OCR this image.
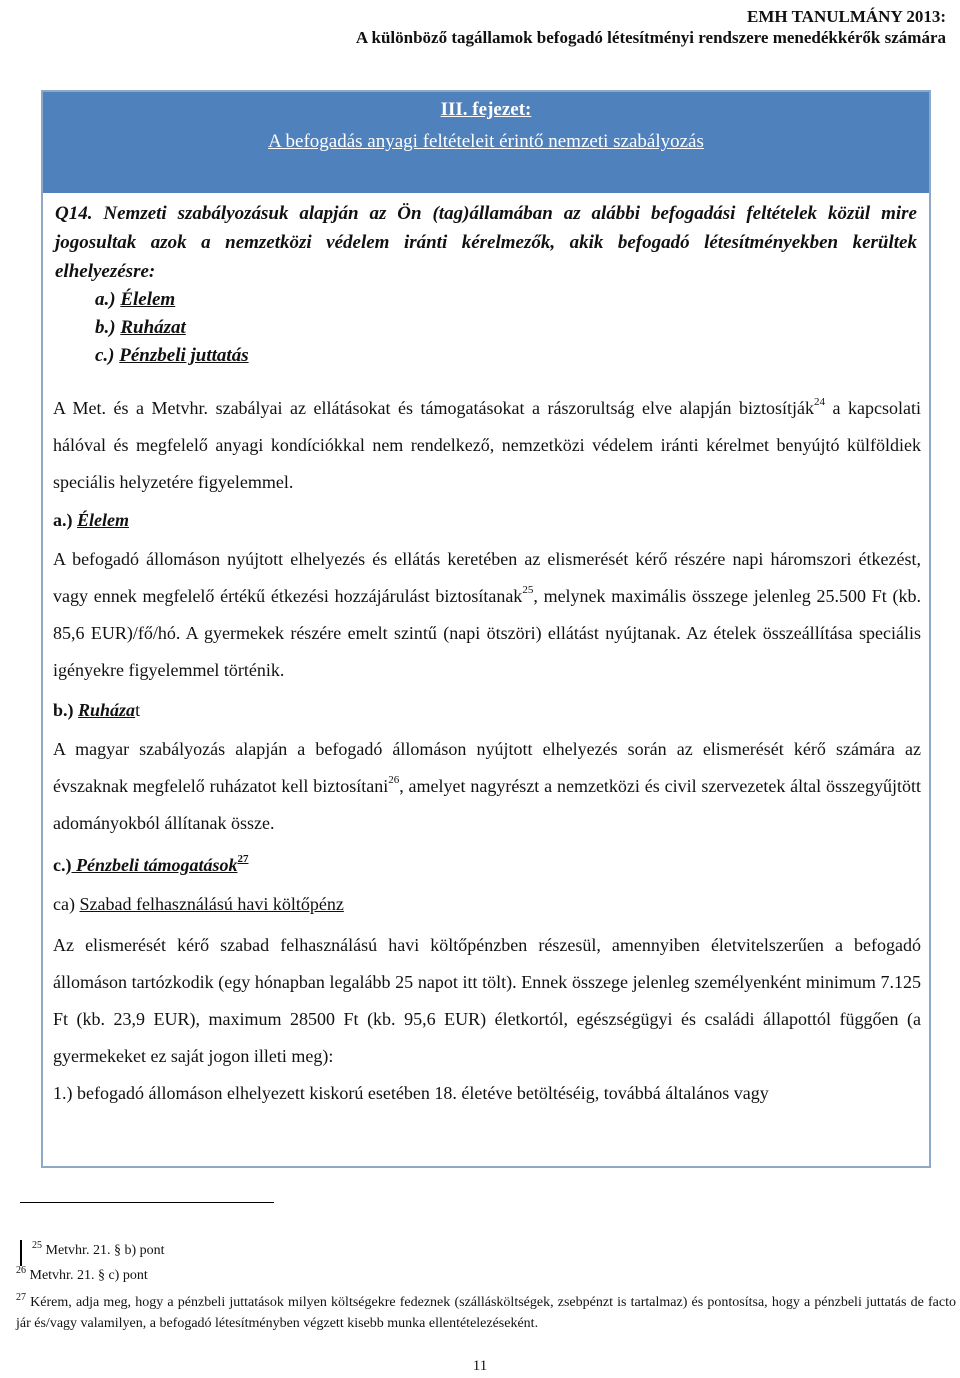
EMH TANULMÁNY 2013:
A különböző tagállamok befogadó létesítményi rendszere menedékkérők számára
III. fejezet:
A befogadás anyagi feltételeit érintő nemzeti szabályozás
Q14. Nemzeti szabályozásuk alapján az Ön (tag)államában az alábbi befogadási feltételek közül mire jogosultak azok a nemzetközi védelem iránti kérelmezők, akik befogadó létesítményekben kerültek elhelyezésre:
a.) Élelem
b.) Ruházat
c.) Pénzbeli juttatás
A Met. és a Metvhr. szabályai az ellátásokat és támogatásokat a rászorultság elve alapján biztosítják$^{24}$ a kapcsolati hálóval és megfelelő anyagi kondíciókkal nem rendelkező, nemzetközi védelem iránti kérelmet benyújtó külföldiek speciális helyzetére figyelemmel.
a.) Élelem
A befogadó állomáson nyújtott elhelyezés és ellátás keretében az elismerését kérő részére napi háromszori étkezést, vagy ennek megfelelő értékű étkezési hozzájárulást biztosítanak$^{25}$, melynek maximális összege jelenleg 25.500 Ft (kb. 85,6 EUR)/fő/hó. A gyermekek részére emelt szintű (napi ötszöri) ellátást nyújtanak. Az ételek összeállítása speciális igényekre figyelemmel történik.
b.) Ruházat
A magyar szabályozás alapján a befogadó állomáson nyújtott elhelyezés során az elismerését kérő számára az évszaknak megfelelő ruházatot kell biztosítani$^{26}$, amelyet nagyrészt a nemzetközi és civil szervezetek által összegyűjtött adományokból állítanak össze.
c.) Pénzbeli támogatások$^{27}$
ca) Szabad felhasználású havi költőpénz
Az elismerését kérő szabad felhasználású havi költőpénzben részesül, amennyiben életvitelszerűen a befogadó állomáson tartózkodik (egy hónapban legalább 25 napot itt tölt). Ennek összege jelenleg személyenként minimum 7.125 Ft (kb. 23,9 EUR), maximum 28500 Ft (kb. 95,6 EUR) életkortól, egészségügyi és családi állapottól függően (a gyermekeket ez saját jogon illeti meg):
1.) befogadó állomáson elhelyezett kiskorú esetében 18. életéve betöltéséig, továbbá általános vagy
$^{25}$ Metvhr. 21. § b) pont
$^{26}$ Metvhr. 21. § c) pont
$^{27}$ Kérem, adja meg, hogy a pénzbeli juttatások milyen költségekre fedeznek (szállásköltségek, zsebpénzt is tartalmaz) és pontosítsa, hogy a pénzbeli juttatás de facto jár és/vagy valamilyen, a befogadó létesítményben végzett kisebb munka ellentételezéseként.
11
